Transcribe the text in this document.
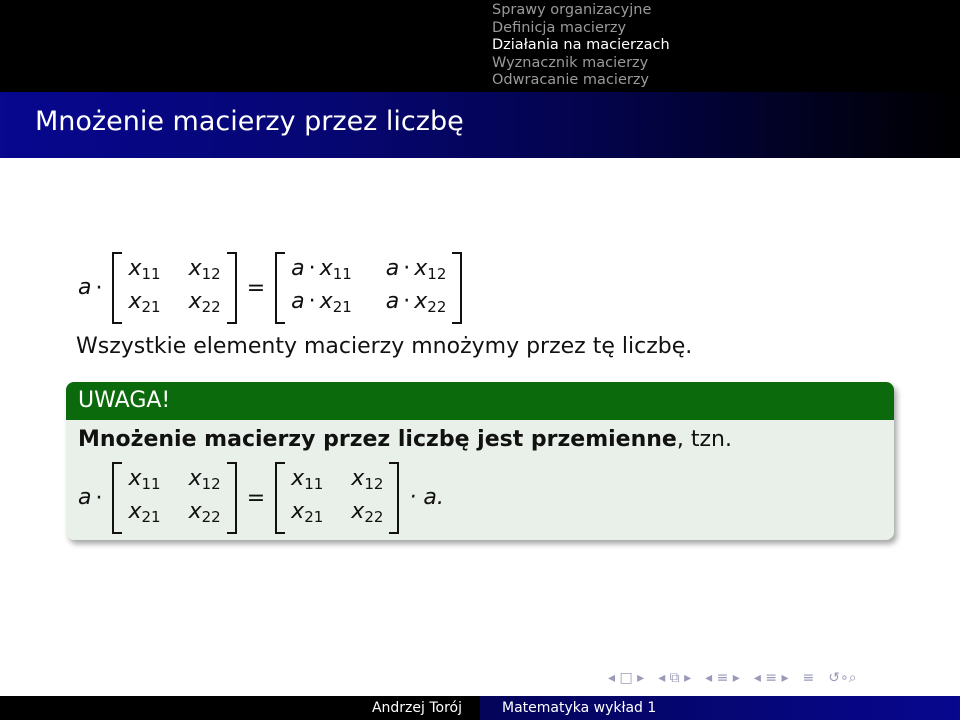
Sprawy organizacyjne
Definicja macierzy
Działania na macierzach
Wyznacznik macierzy
Odwracanie macierzy
Mnożenie macierzy przez liczbę
a ·
$x_{11}$ $x_{12}$
$x_{21}$ $x_{22}$
=
$a \cdot x_{11}$ $a \cdot x_{12}$
$a \cdot x_{21}$ $a \cdot x_{22}$
Wszystkie elementy macierzy mnożymy przez tę liczbę.
UWAGA!
Mnożenie macierzy przez liczbę jest przemienne, tzn.
a ·
$x_{11}$ $x_{12}$
$x_{21}$ $x_{22}$
=
$x_{11}$ $x_{12}$
$x_{21}$ $x_{22}$
· a.
◂ □ ▸ ◂ ⧉ ▸ ◂ ≡ ▸ ◂ ≡ ▸ ≡ ↺∘⌕
Andrzej Torój	Matematyka wykład 1
